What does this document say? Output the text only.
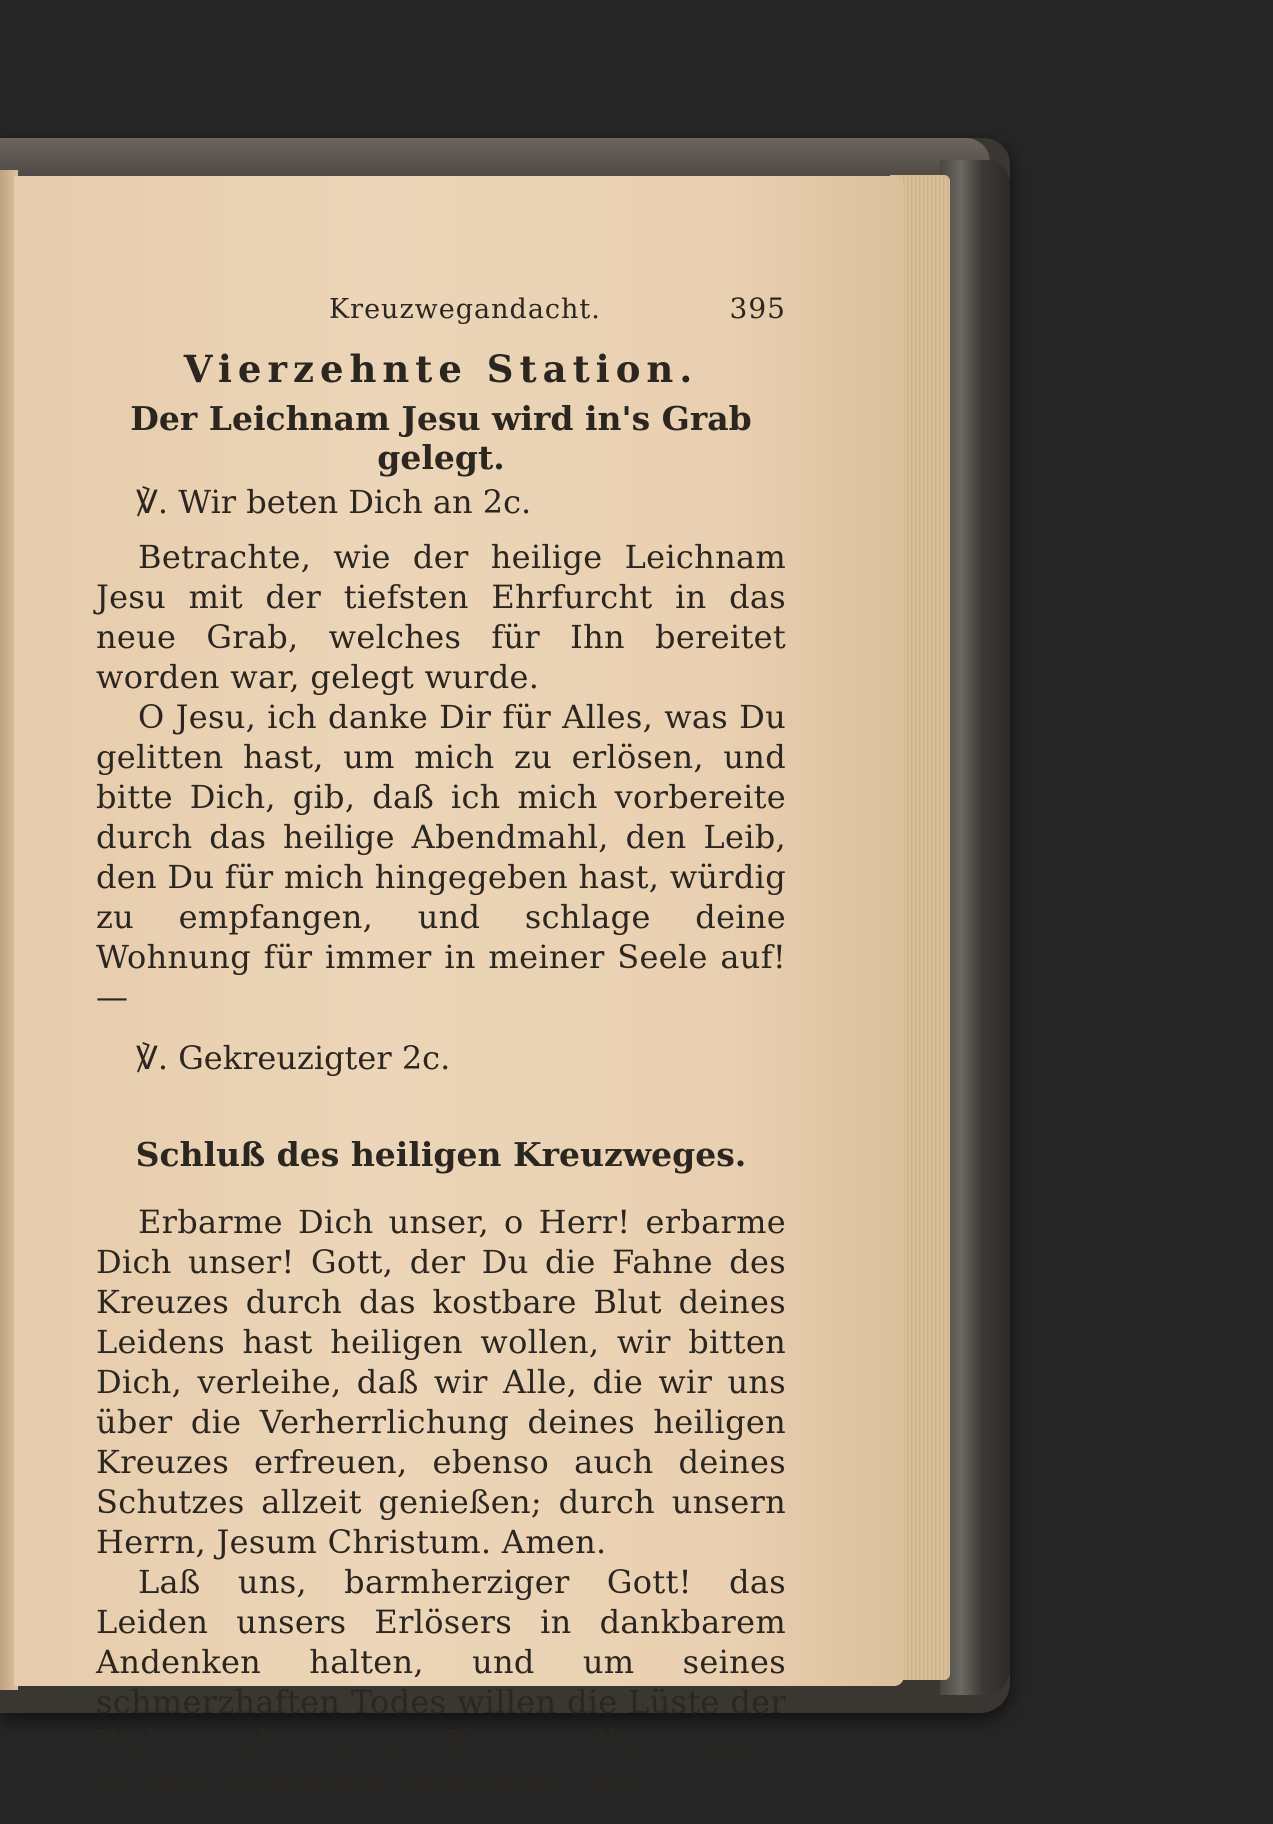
Kreuzwegandacht.	395
Vierzehnte Station.
Der Leichnam Jesu wird in's Grab gelegt.
℣. Wir beten Dich an 2c.

Betrachte, wie der heilige Leichnam Jesu mit der tiefsten Ehrfurcht in das neue Grab, welches für Ihn bereitet worden war, gelegt wurde.

O Jesu, ich danke Dir für Alles, was Du gelitten hast, um mich zu erlösen, und bitte Dich, gib, daß ich mich vorbereite durch das heilige Abendmahl, den Leib, den Du für mich hingegeben hast, würdig zu empfangen, und schlage deine Wohnung für immer in meiner Seele auf! —

℣. Gekreuzigter 2c.
Schluß des heiligen Kreuzweges.

Erbarme Dich unser, o Herr! erbarme Dich unser! Gott, der Du die Fahne des Kreuzes durch das kostbare Blut deines Leidens hast heiligen wollen, wir bitten Dich, verleihe, daß wir Alle, die wir uns über die Verherrlichung deines heiligen Kreuzes erfreuen, ebenso auch deines Schutzes allzeit genießen; durch unsern Herrn, Jesum Christum. Amen.

Laß uns, barmherziger Gott! das Leiden unsers Erlösers in dankbarem Andenken halten, und um seines schmerzhaften Todes willen die Lüste der Welt meiden, unser Kreuz willig tragen, in aller Heiligung zunehmen, bis
